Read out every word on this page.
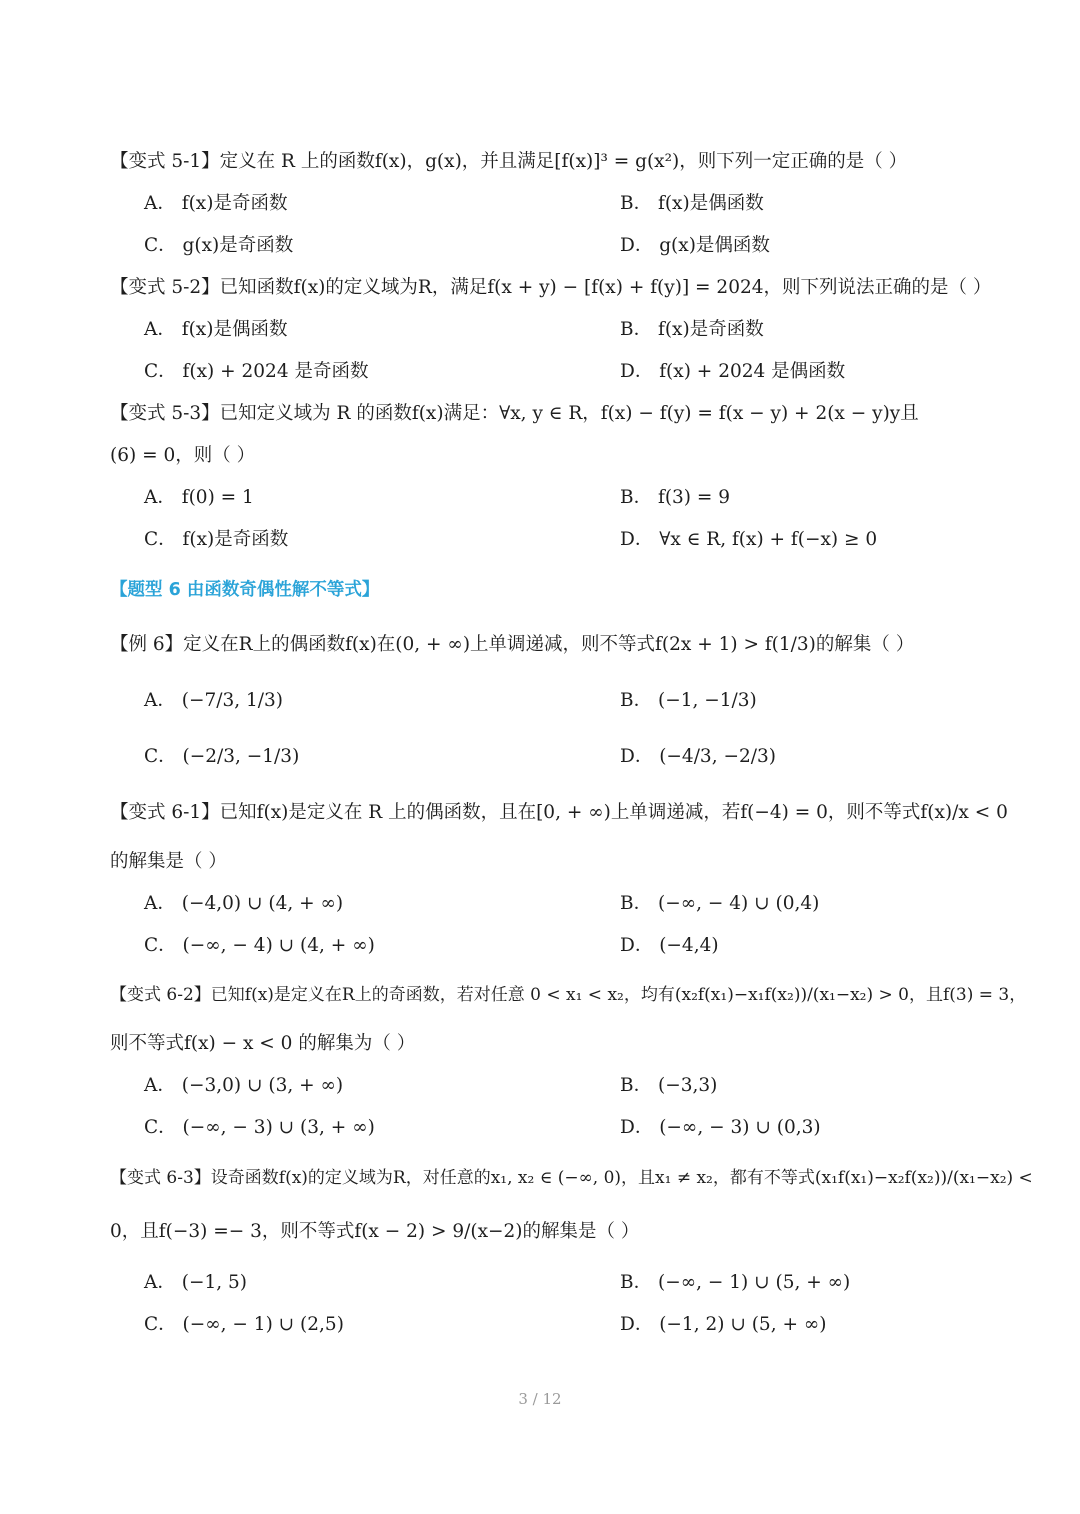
【变式 5-1】定义在 R 上的函数f(x)，g(x)，并且满足[f(x)]³ = g(x²)，则下列一定正确的是（ ）
A． f(x)是奇函数	B． f(x)是偶函数
C． g(x)是奇函数	D． g(x)是偶函数
【变式 5-2】已知函数f(x)的定义域为R，满足f(x + y) − [f(x) + f(y)] = 2024，则下列说法正确的是（ ）
A． f(x)是偶函数	B． f(x)是奇函数
C． f(x) + 2024 是奇函数	D． f(x) + 2024 是偶函数
【变式 5-3】已知定义域为 R 的函数f(x)满足：∀x, y ∈ R，f(x) − f(y) = f(x − y) + 2(x − y)y且
(6) = 0，则（ ）
A． f(0) = 1	B． f(3) = 9
C． f(x)是奇函数	D． ∀x ∈ R, f(x) + f(−x) ≥ 0
【题型 6 由函数奇偶性解不等式】
【例 6】定义在R上的偶函数f(x)在(0, + ∞)上单调递减，则不等式f(2x + 1) > f(1/3)的解集（ ）
A． (−7/3, 1/3)	B． (−1, −1/3)
C． (−2/3, −1/3)	D． (−4/3, −2/3)
【变式 6-1】已知f(x)是定义在 R 上的偶函数，且在[0, + ∞)上单调递减，若f(−4) = 0，则不等式f(x)/x < 0
的解集是（ ）
A． (−4,0) ∪ (4, + ∞)	B． (−∞, − 4) ∪ (0,4)
C． (−∞, − 4) ∪ (4, + ∞)	D． (−4,4)
【变式 6-2】已知f(x)是定义在R上的奇函数，若对任意 0 < x₁ < x₂，均有(x₂f(x₁)−x₁f(x₂))/(x₁−x₂) > 0，且f(3) = 3，
则不等式f(x) − x < 0 的解集为（ ）
A． (−3,0) ∪ (3, + ∞)	B． (−3,3)
C． (−∞, − 3) ∪ (3, + ∞)	D． (−∞, − 3) ∪ (0,3)
【变式 6-3】设奇函数f(x)的定义域为R，对任意的x₁, x₂ ∈ (−∞, 0)，且x₁ ≠ x₂，都有不等式(x₁f(x₁)−x₂f(x₂))/(x₁−x₂) <
0，且f(−3) =− 3，则不等式f(x − 2) > 9/(x−2)的解集是（ ）
A． (−1, 5)	B． (−∞, − 1) ∪ (5, + ∞)
C． (−∞, − 1) ∪ (2,5)	D． (−1, 2) ∪ (5, + ∞)
3 / 12
